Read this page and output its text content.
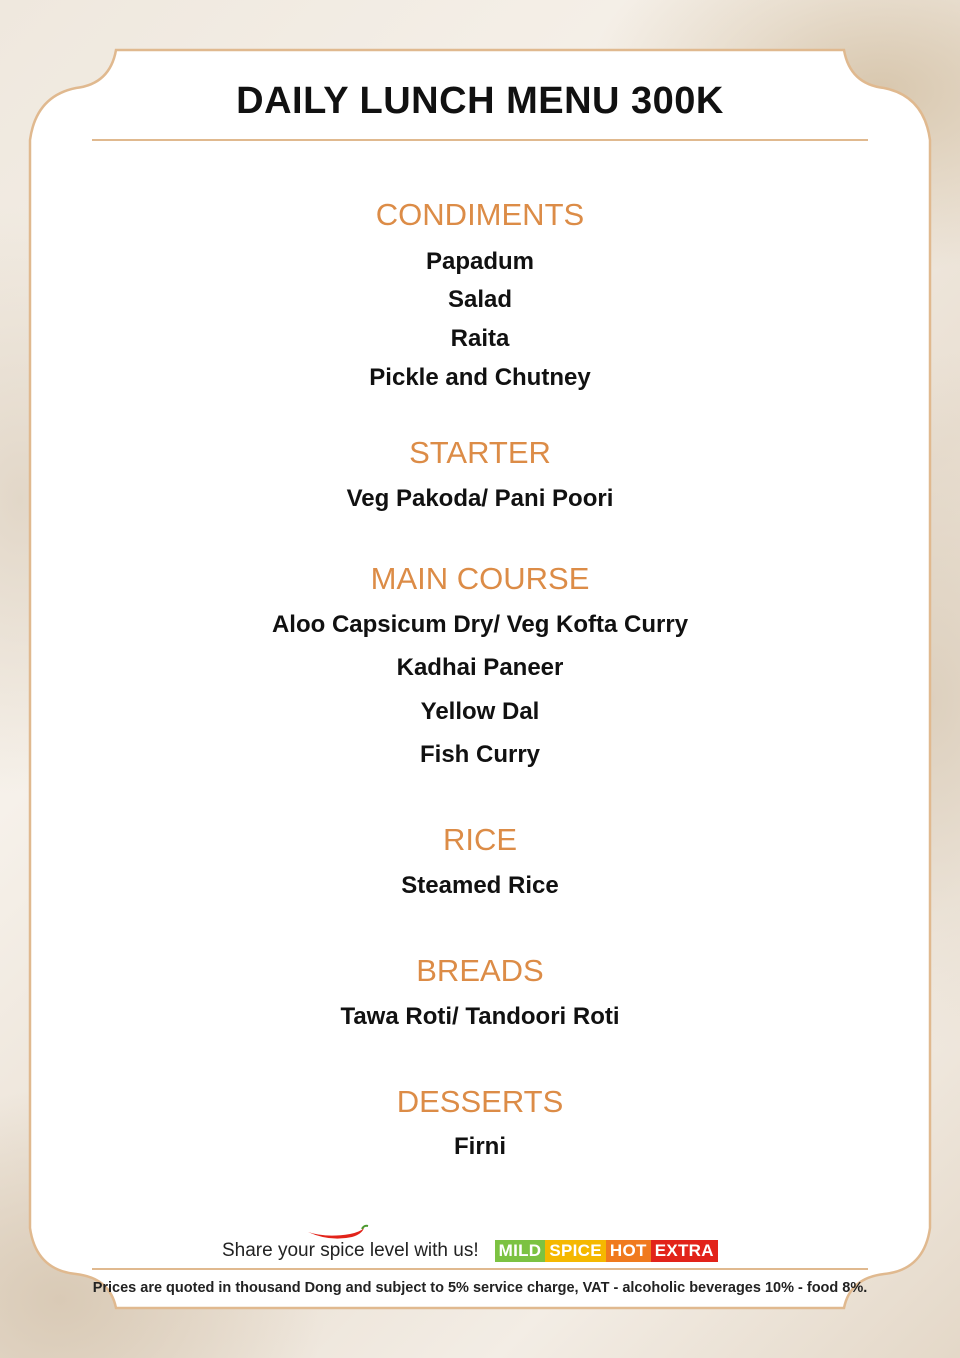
DAILY LUNCH MENU 300K
CONDIMENTS
Papadum
Salad
Raita
Pickle and Chutney
STARTER
Veg Pakoda/ Pani Poori
MAIN COURSE
Aloo Capsicum Dry/ Veg Kofta Curry
Kadhai Paneer
Yellow Dal
Fish Curry
RICE
Steamed Rice
BREADS
Tawa Roti/ Tandoori Roti
DESSERTS
Firni
Share your spice level with us! MILD SPICE HOT EXTRA
Prices are quoted in thousand Dong and subject to 5% service charge, VAT - alcoholic beverages 10% - food 8%.
